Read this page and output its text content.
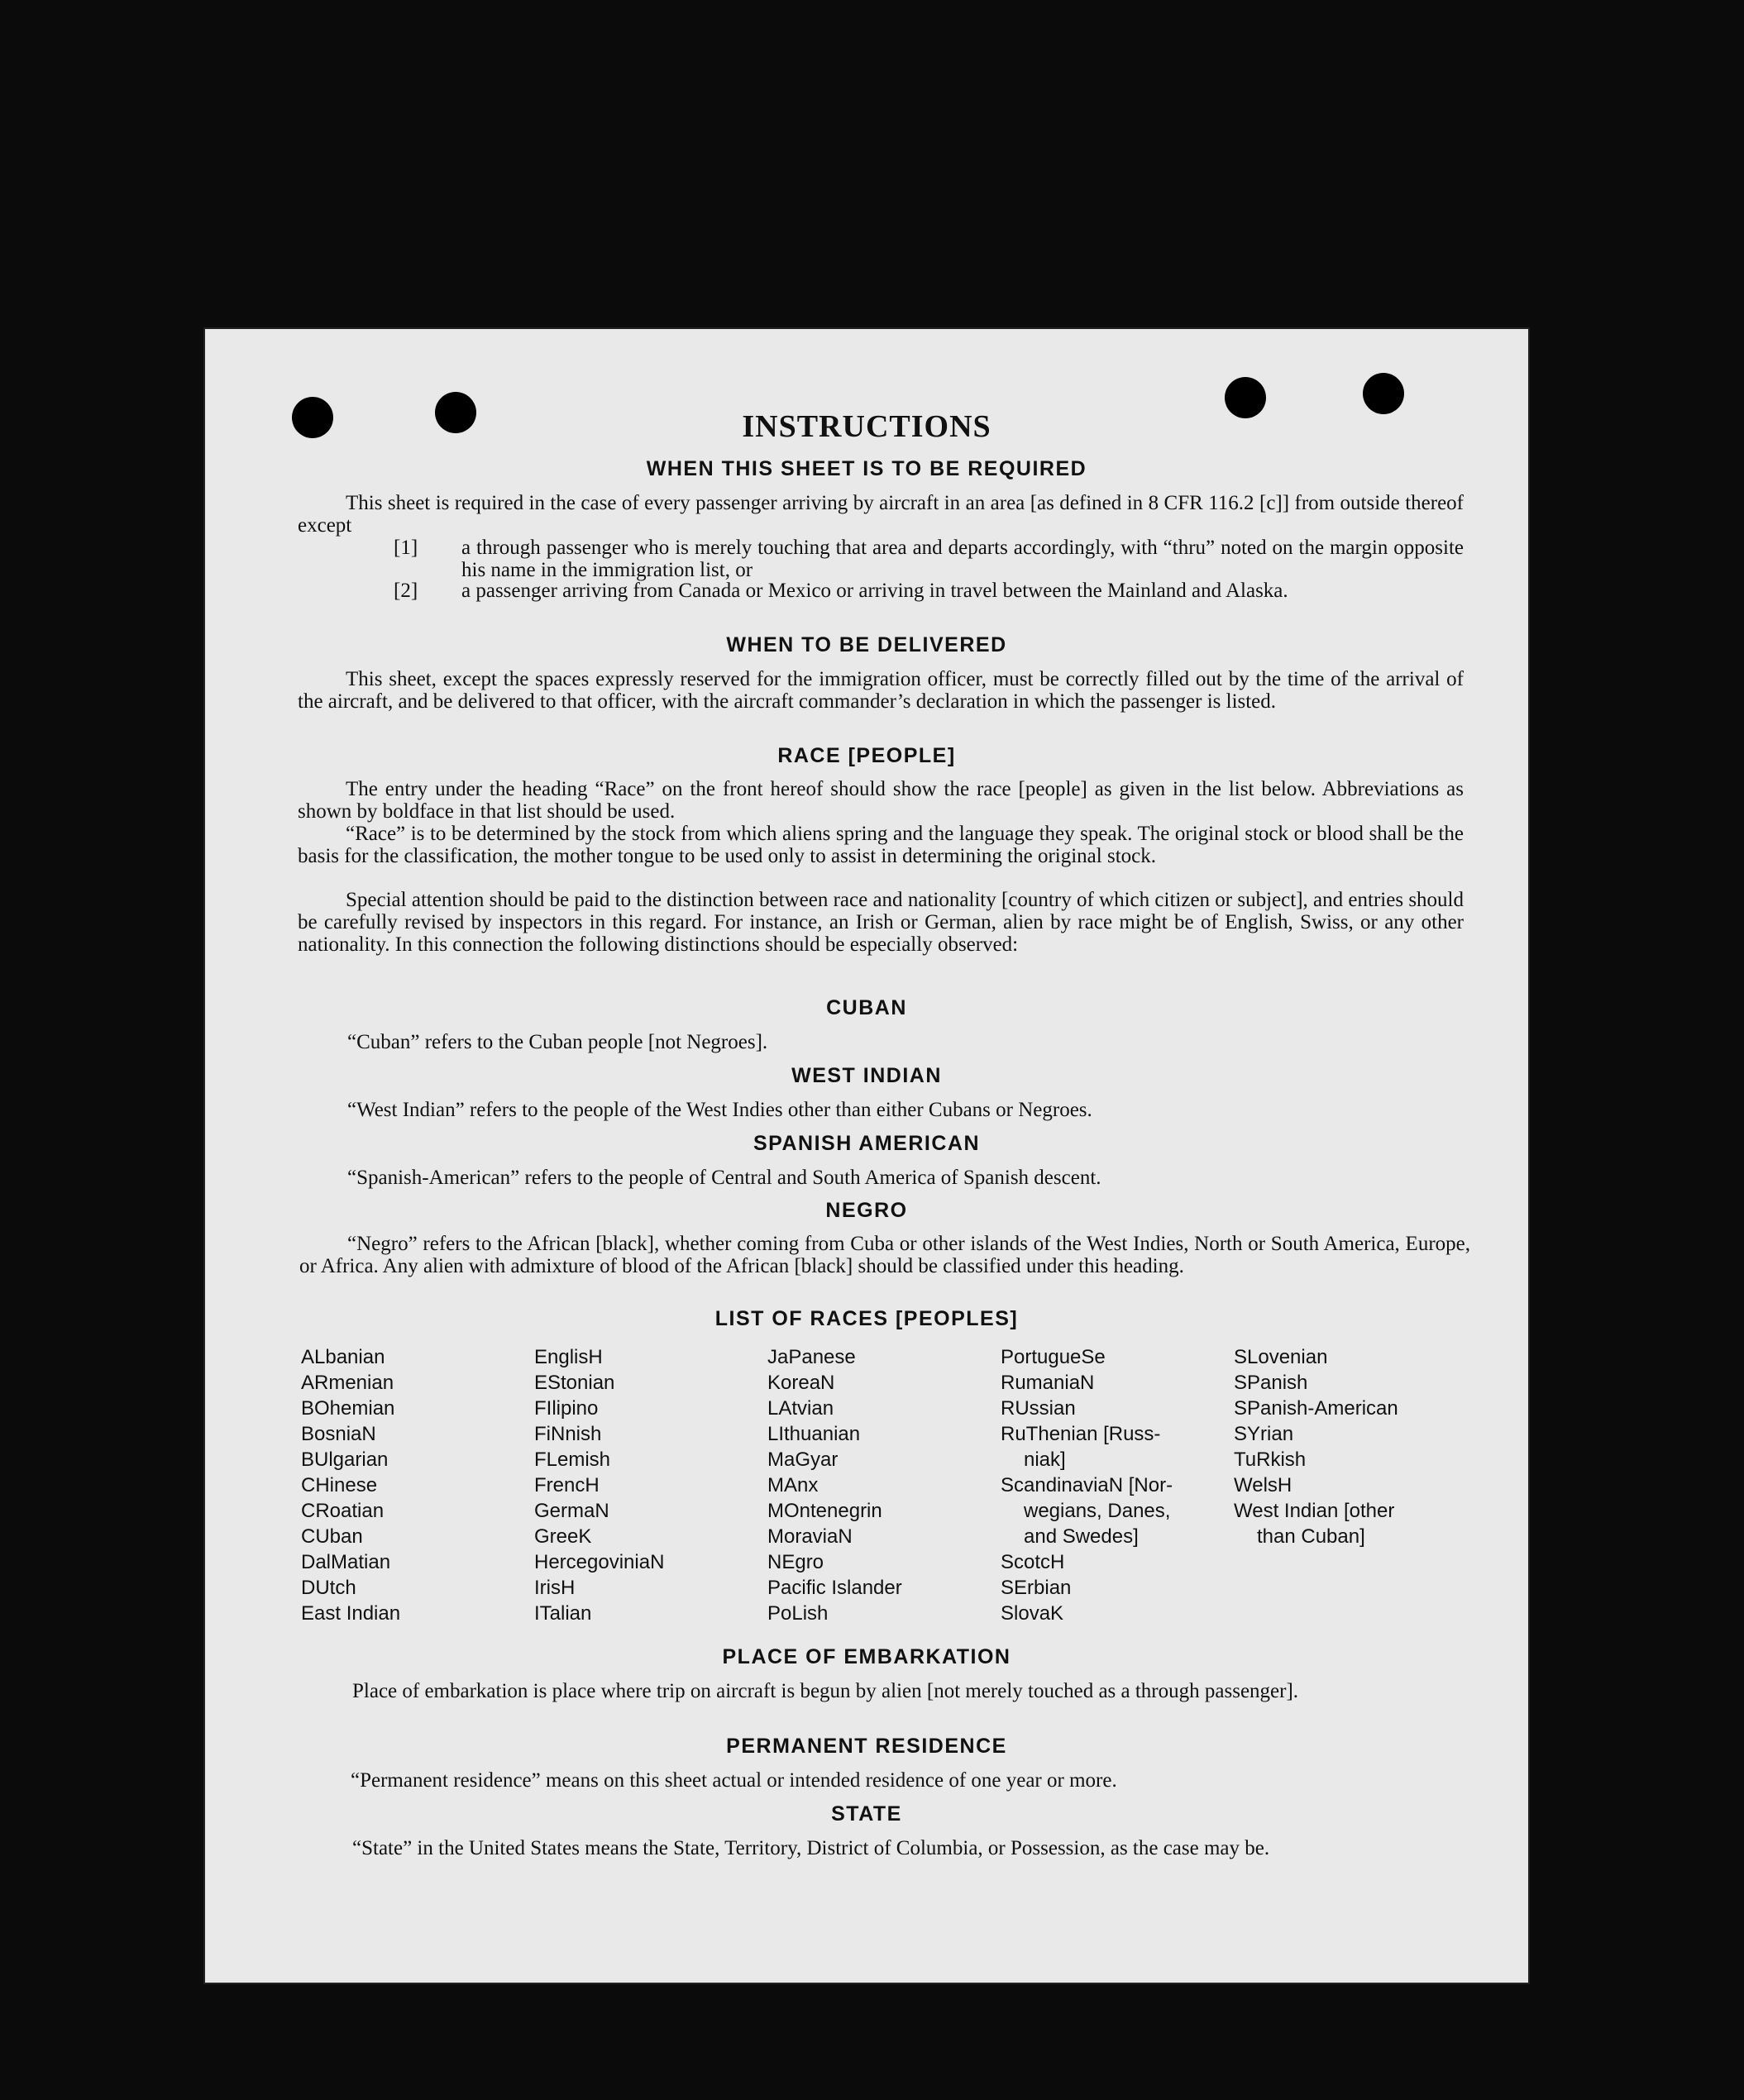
INSTRUCTIONS
WHEN THIS SHEET IS TO BE REQUIRED
This sheet is required in the case of every passenger arriving by aircraft in an area [as defined in 8 CFR 116.2 [c]] from outside thereof except
[1] a through passenger who is merely touching that area and departs accordingly, with “thru” noted on the margin opposite his name in the immigration list, or
[2] a passenger arriving from Canada or Mexico or arriving in travel between the Mainland and Alaska.
WHEN TO BE DELIVERED
This sheet, except the spaces expressly reserved for the immigration officer, must be correctly filled out by the time of the arrival of the aircraft, and be delivered to that officer, with the aircraft commander’s declaration in which the passenger is listed.
RACE [PEOPLE]
The entry under the heading “Race” on the front hereof should show the race [people] as given in the list below. Abbreviations as shown by boldface in that list should be used.
“Race” is to be determined by the stock from which aliens spring and the language they speak. The original stock or blood shall be the basis for the classification, the mother tongue to be used only to assist in determining the original stock.
Special attention should be paid to the distinction between race and nationality [country of which citizen or subject], and entries should be carefully revised by inspectors in this regard. For instance, an Irish or German, alien by race might be of English, Swiss, or any other nationality. In this connection the following distinctions should be especially observed:
CUBAN
“Cuban” refers to the Cuban people [not Negroes].
WEST INDIAN
“West Indian” refers to the people of the West Indies other than either Cubans or Negroes.
SPANISH AMERICAN
“Spanish-American” refers to the people of Central and South America of Spanish descent.
NEGRO
“Negro” refers to the African [black], whether coming from Cuba or other islands of the West Indies, North or South America, Europe, or Africa. Any alien with admixture of blood of the African [black] should be classified under this heading.
LIST OF RACES [PEOPLES]
ALbanian
ARmenian
BOhemian
BosniaN
BUlgarian
CHinese
CRoatian
CUban
DalMatian
DUtch
East Indian
EnglisH
EStonian
FIlipino
FiNnish
FLemish
FrencH
GermaN
GreeK
HercegoviniaN
IrisH
ITalian
JaPanese
KoreaN
LAtvian
LIthuanian
MaGyar
MAnx
MOntenegrin
MoraviaN
NEgro
Pacific Islander
PoLish
PortugueSe
RumaniaN
RUssian
RuThenian [Russ-
niak]
ScandinaviaN [Nor-
wegians, Danes,
and Swedes]
ScotcH
SErbian
SlovaK
SLovenian
SPanish
SPanish-American
SYrian
TuRkish
WelsH
West Indian [other
than Cuban]
PLACE OF EMBARKATION
Place of embarkation is place where trip on aircraft is begun by alien [not merely touched as a through passenger].
PERMANENT RESIDENCE
“Permanent residence” means on this sheet actual or intended residence of one year or more.
STATE
“State” in the United States means the State, Territory, District of Columbia, or Possession, as the case may be.
